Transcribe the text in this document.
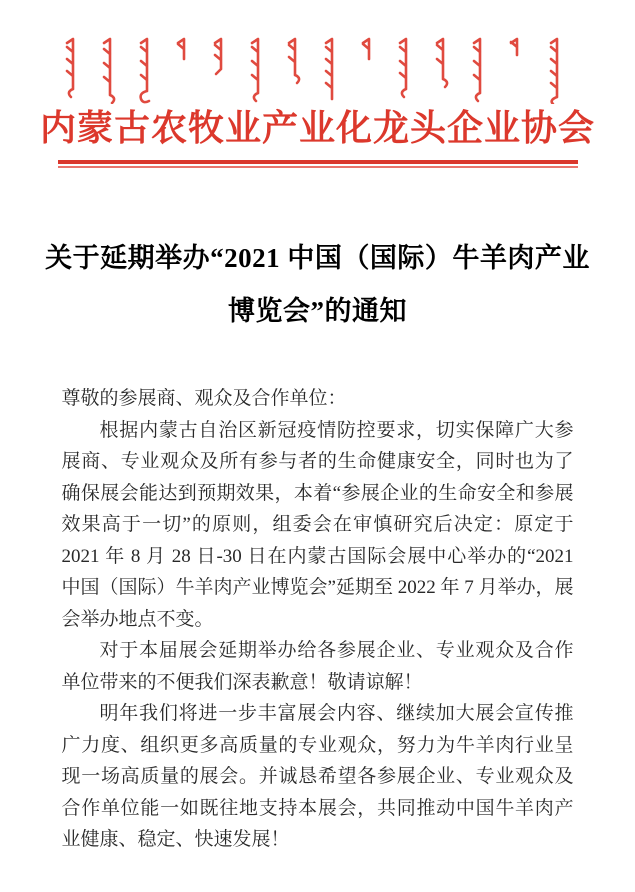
内蒙古农牧业产业化龙头企业协会
关于延期举办“2021 中国（国际）牛羊肉产业
博览会”的通知

尊敬的参展商、观众及合作单位：

根据内蒙古自治区新冠疫情防控要求，切实保障广大参展商、专业观众及所有参与者的生命健康安全，同时也为了确保展会能达到预期效果，本着“参展企业的生命安全和参展效果高于一切”的原则，组委会在审慎研究后决定：原定于 2021 年 8 月 28 日-30 日在内蒙古国际会展中心举办的“2021 中国（国际）牛羊肉产业博览会”延期至 2022 年 7 月举办，展会举办地点不变。

对于本届展会延期举办给各参展企业、专业观众及合作单位带来的不便我们深表歉意！敬请谅解！

明年我们将进一步丰富展会内容、继续加大展会宣传推广力度、组织更多高质量的专业观众，努力为牛羊肉行业呈现一场高质量的展会。并诚恳希望各参展企业、专业观众及合作单位能一如既往地支持本展会，共同推动中国牛羊肉产业健康、稳定、快速发展！
